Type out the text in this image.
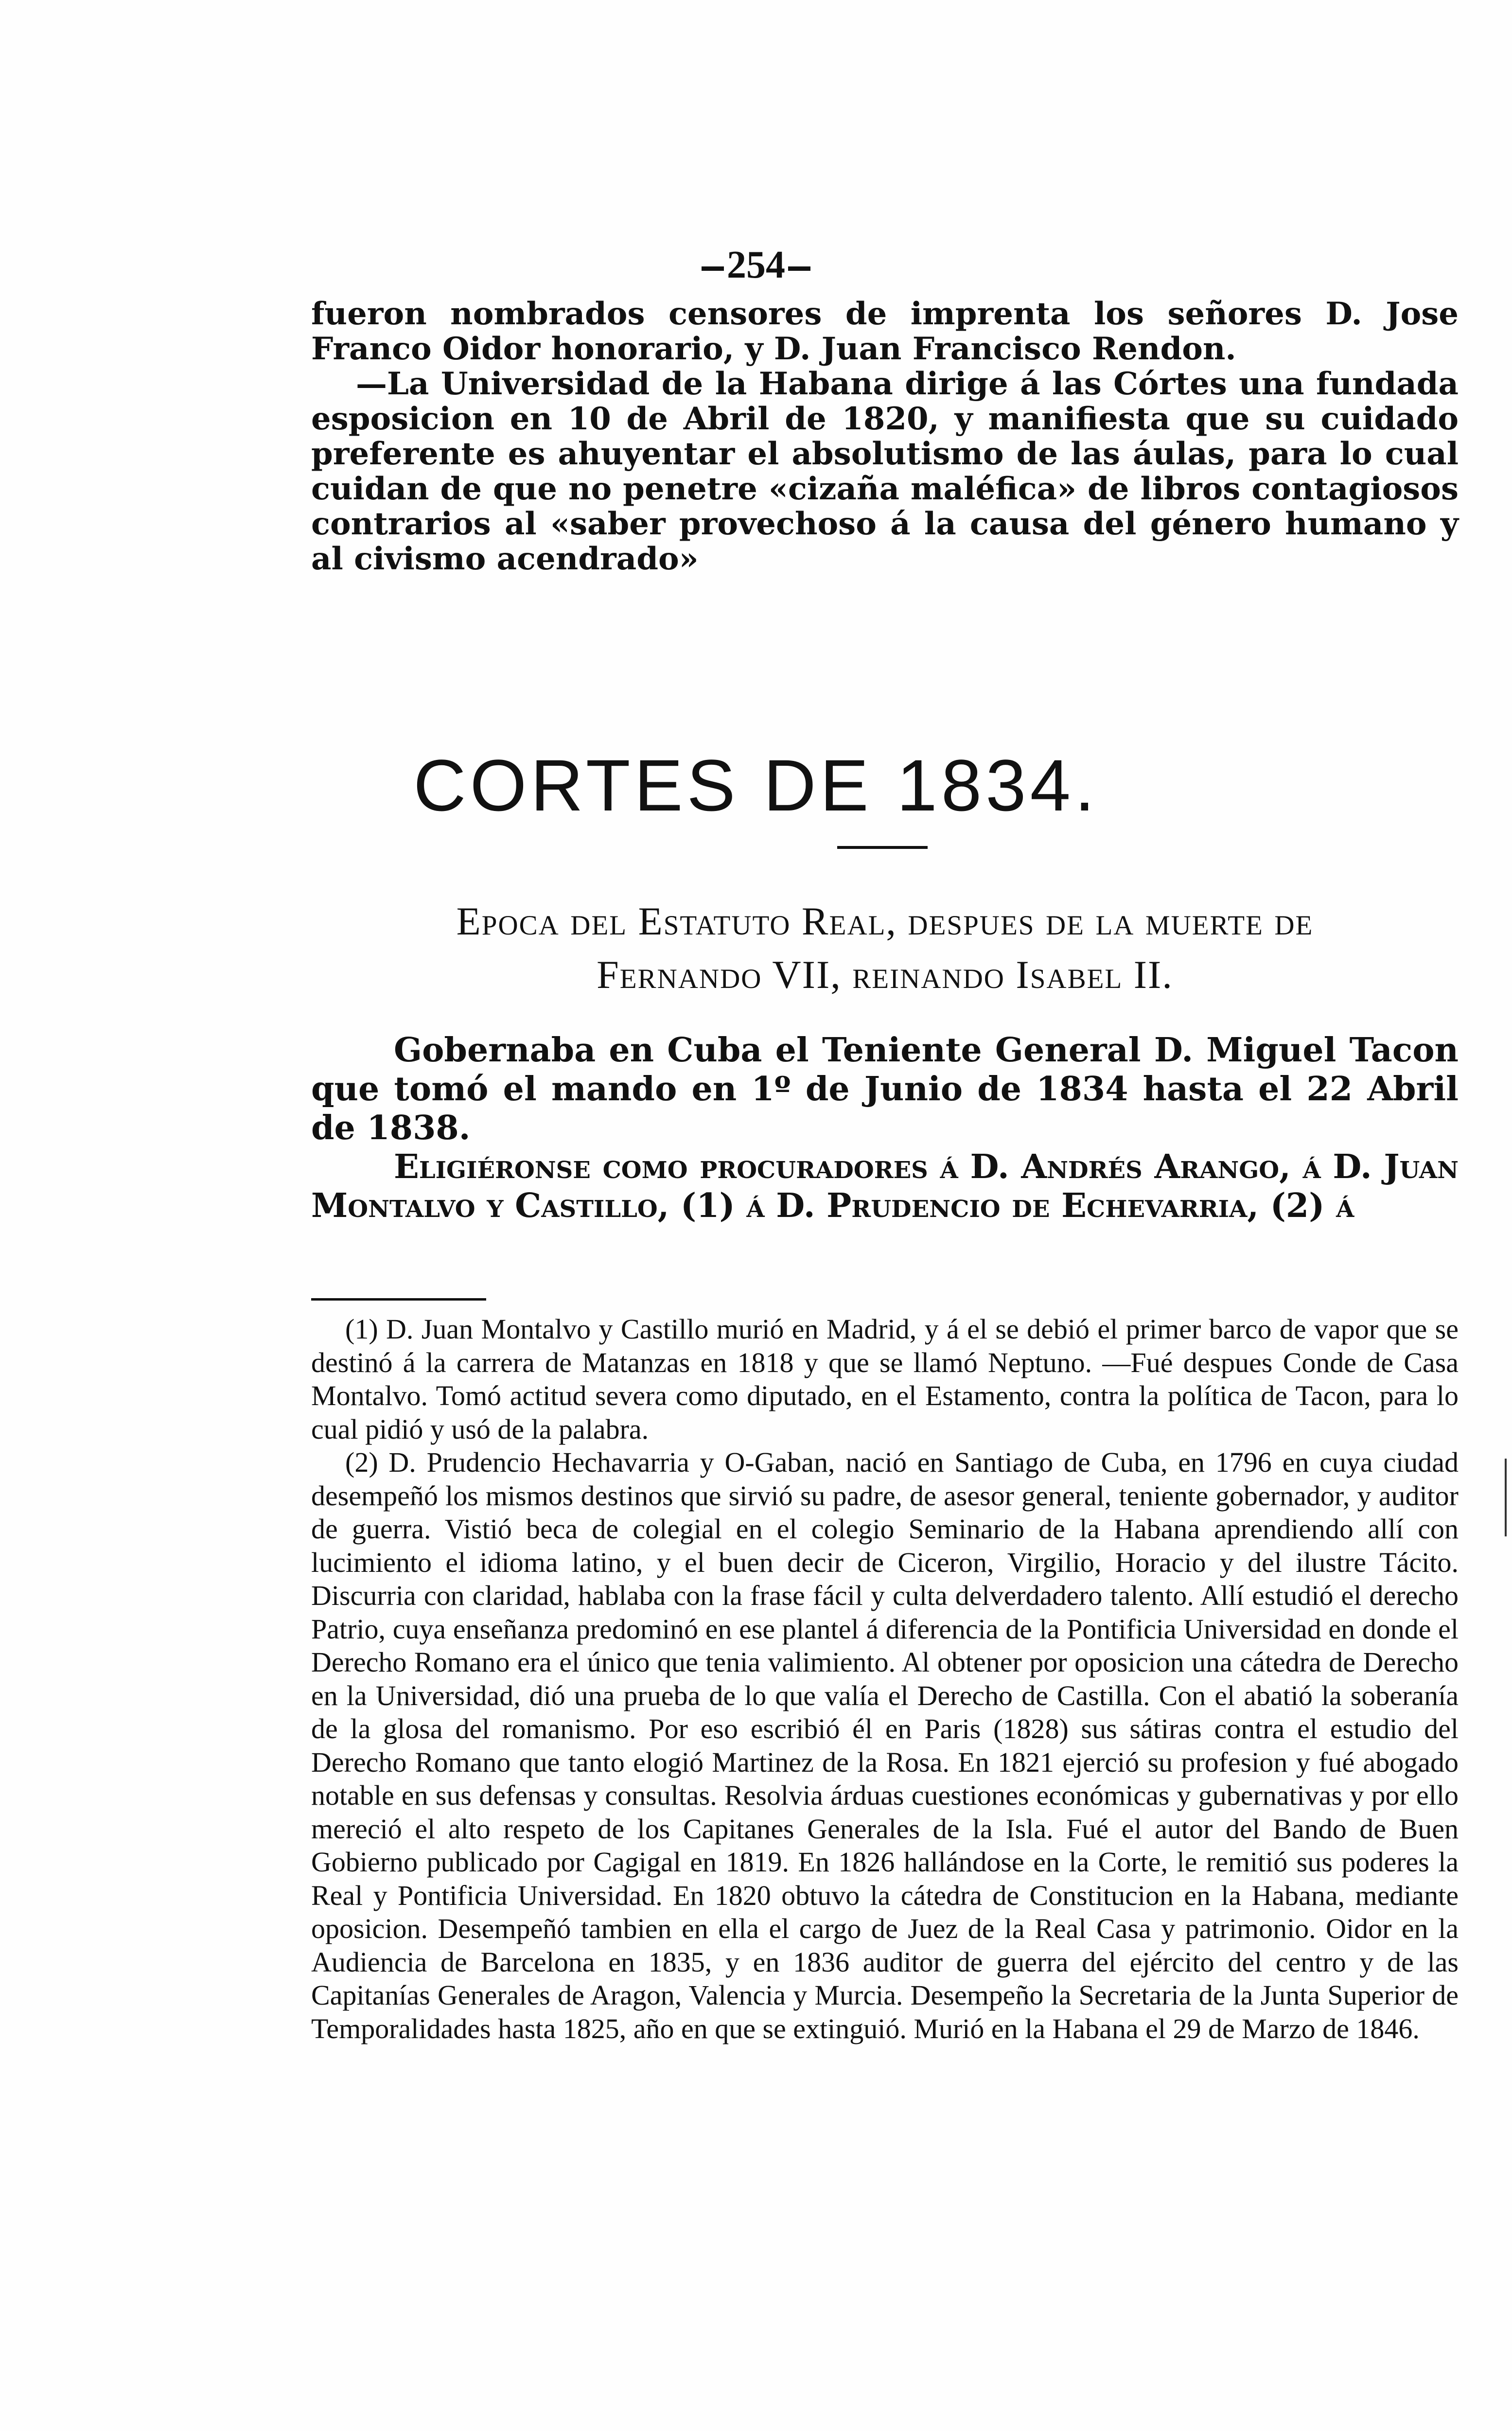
254

fueron nombrados censores de imprenta los señores D. Jose Franco Oidor honorario, y D. Juan Francisco Rendon.

—La Universidad de la Habana dirige á las Córtes una fundada esposicion en 10 de Abril de 1820, y manifiesta que su cuidado preferente es ahuyentar el absolutismo de las áulas, para lo cual cuidan de que no penetre «cizaña maléfica» de libros contagiosos contrarios al «saber provechoso á la causa del género humano y al civismo acendrado»

CORTES DE 1834.
Epoca del Estatuto Real, despues de la muerte de
Fernando VII, reinando Isabel II.

Gobernaba en Cuba el Teniente General D. Miguel Tacon que tomó el mando en 1º de Junio de 1834 hasta el 22 Abril de 1838.

Eligiéronse como procuradores á D. Andrés Arango, á D. Juan Montalvo y Castillo, (1) á D. Prudencio de Echevarria, (2) á

(1) D. Juan Montalvo y Castillo murió en Madrid, y á el se debió el primer barco de vapor que se destinó á la carrera de Matanzas en 1818 y que se llamó Neptuno. —Fué despues Conde de Casa Montalvo. Tomó actitud severa como diputado, en el Estamento, contra la política de Tacon, para lo cual pidió y usó de la palabra.

(2) D. Prudencio Hechavarria y O-Gaban, nació en Santiago de Cuba, en 1796 en cuya ciudad desempeñó los mismos destinos que sirvió su padre, de asesor general, teniente gobernador, y auditor de guerra. Vistió beca de colegial en el colegio Seminario de la Habana aprendiendo allí con lucimiento el idioma latino, y el buen decir de Ciceron, Virgilio, Horacio y del ilustre Tácito. Discurria con claridad, hablaba con la frase fácil y culta delverdadero talento. Allí estudió el derecho Patrio, cuya enseñanza predominó en ese plantel á diferencia de la Pontificia Universidad en donde el Derecho Romano era el único que tenia valimiento. Al obtener por oposicion una cátedra de Derecho en la Universidad, dió una prueba de lo que valía el Derecho de Castilla. Con el abatió la soberanía de la glosa del romanismo. Por eso escribió él en Paris (1828) sus sátiras contra el estudio del Derecho Romano que tanto elogió Martinez de la Rosa. En 1821 ejerció su profesion y fué abogado notable en sus defensas y consultas. Resolvia árduas cuestiones económicas y gubernativas y por ello mereció el alto respeto de los Capitanes Generales de la Isla. Fué el autor del Bando de Buen Gobierno publicado por Cagigal en 1819. En 1826 hallándose en la Corte, le remitió sus poderes la Real y Pontificia Universidad. En 1820 obtuvo la cátedra de Constitucion en la Habana, mediante oposicion. Desempeñó tambien en ella el cargo de Juez de la Real Casa y patrimonio. Oidor en la Audiencia de Barcelona en 1835, y en 1836 auditor de guerra del ejército del centro y de las Capitanías Generales de Aragon, Valencia y Murcia. Desempeño la Secretaria de la Junta Superior de Temporalidades hasta 1825, año en que se extinguió. Murió en la Habana el 29 de Marzo de 1846.
